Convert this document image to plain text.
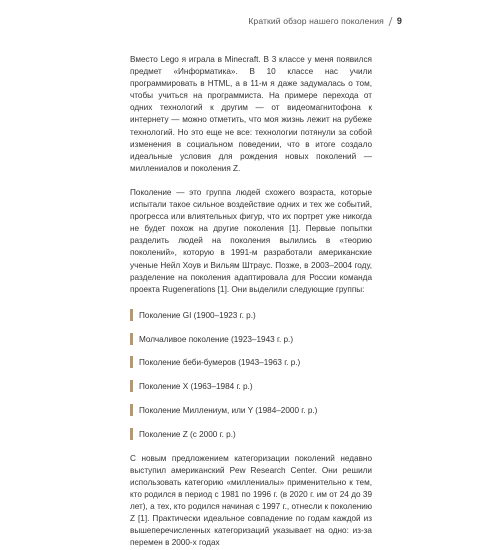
Краткий обзор нашего поколения 9

Вместо Lego я играла в Minecraft. В 3 классе у меня появился предмет «Информатика». В 10 классе нас учили программировать в HTML, а в 11-м я даже задумалась о том, чтобы учиться на программиста. На примере перехода от одних технологий к другим — от видеомагнитофона к интернету — можно отметить, что моя жизнь лежит на рубеже технологий. Но это еще не все: технологии потянули за собой изменения в социальном поведении, что в итоге создало идеальные условия для рождения новых поколений — миллениалов и поколения Z.

Поколение — это группа людей схожего возраста, которые испытали такое сильное воздействие одних и тех же событий, прогресса или влиятельных фигур, что их портрет уже никогда не будет похож на другие поколения [1]. Первые попытки разделить людей на поколения вылились в «теорию поколений», которую в 1991-м разработали американские ученые Нейл Хоув и Вильям Штраус. Позже, в 2003–2004 году, разделение на поколения адаптировала для России команда проекта Rugenerations [1]. Они выделили следующие группы:

Поколение GI (1900–1923 г. р.)
Молчаливое поколение (1923–1943 г. р.)
Поколение беби-бумеров (1943–1963 г. р.)
Поколение X (1963–1984 г. р.)
Поколение Миллениум, или Y (1984–2000 г. р.)
Поколение Z (с 2000 г. р.)

С новым предложением категоризации поколений недавно выступил американский Pew Research Center. Они решили использовать категорию «миллениалы» применительно к тем, кто родился в период с 1981 по 1996 г. (в 2020 г. им от 24 до 39 лет), а тех, кто родился начиная с 1997 г., отнесли к поколению Z [1]. Практически идеальное совпадение по годам каждой из вышеперечисленных категоризаций указывает на одно: из-за перемен в 2000-х годах
